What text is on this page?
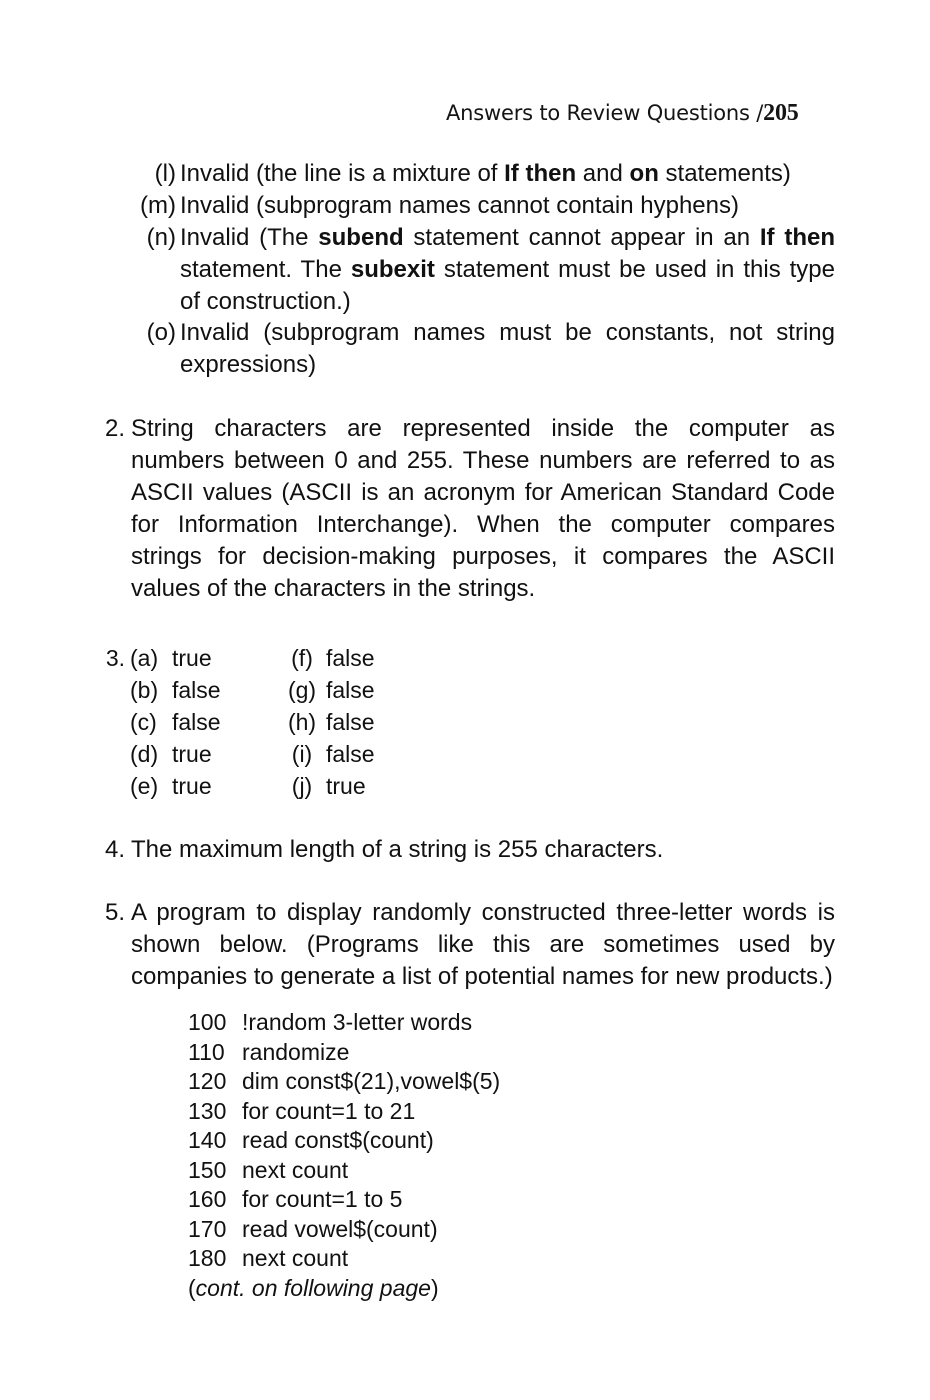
Answers to Review Questions /205
(l) Invalid (the line is a mixture of If then and on statements)
(m) Invalid (subprogram names cannot contain hyphens)
(n) Invalid (The subend statement cannot appear in an If then statement. The subexit statement must be used in this type of construction.)
(o) Invalid (subprogram names must be constants, not string expressions)
2. String characters are represented inside the computer as numbers between 0 and 255. These numbers are referred to as ASCII values (ASCII is an acronym for American Standard Code for Information Interchange). When the computer compares strings for decision-making purposes, it compares the ASCII values of the characters in the strings.
3. (a) true	(f) false
(b) false	(g) false
(c) false	(h) false
(d) true	(i) false
(e) true	(j) true
4. The maximum length of a string is 255 characters.
5. A program to display randomly constructed three-letter words is shown below. (Programs like this are sometimes used by companies to generate a list of potential names for new products.)
100 !random 3-letter words
110 randomize
120 dim const$(21),vowel$(5)
130 for count=1 to 21
140 read const$(count)
150 next count
160 for count=1 to 5
170 read vowel$(count)
180 next count
( cont. on following page )
